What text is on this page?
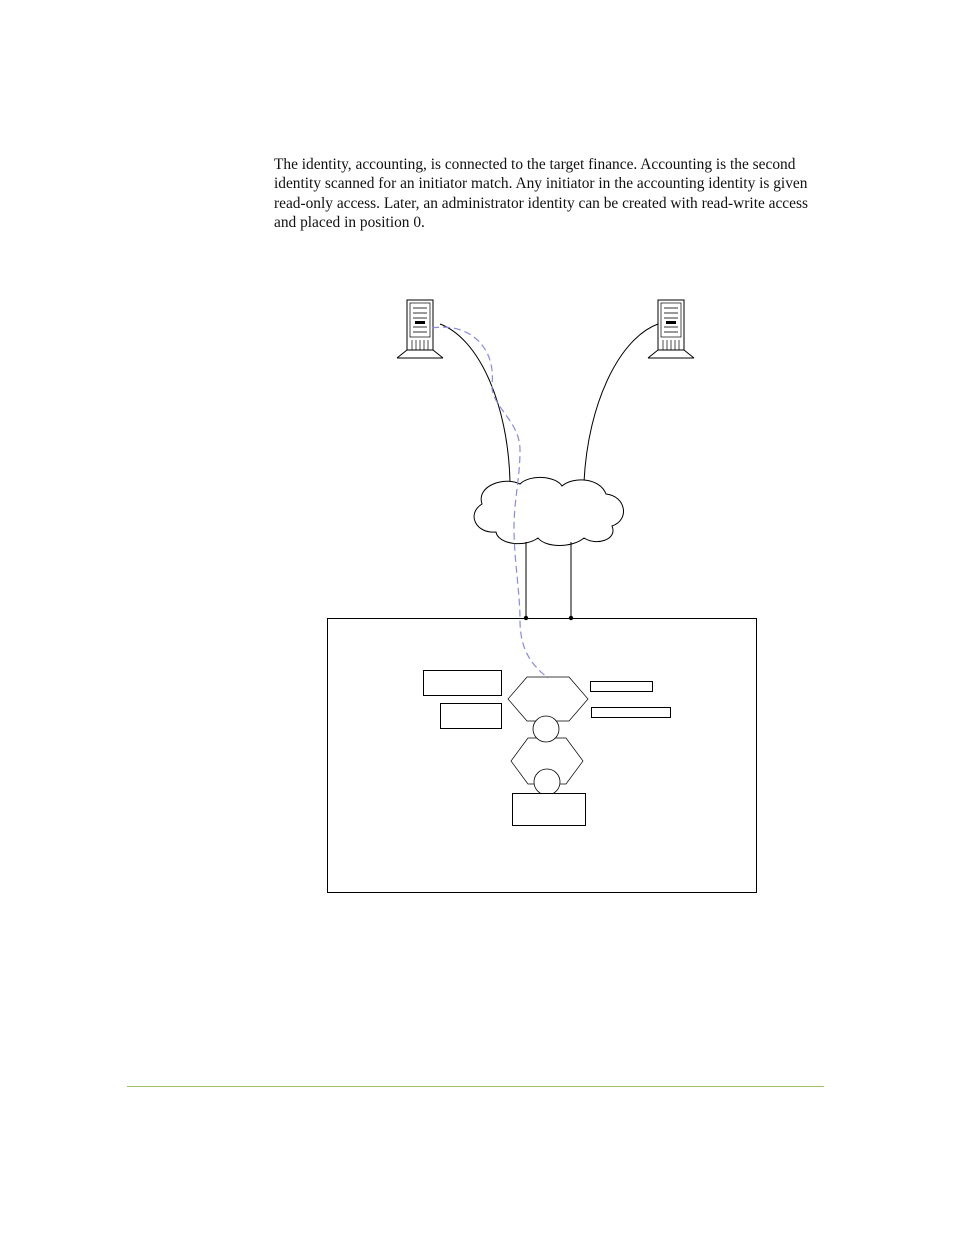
The identity, accounting, is connected to the target finance. Accounting is the second identity scanned for an initiator match. Any initiator in the accounting identity is given read-only access. Later, an administrator identity can be created with read-write access and placed in position 0.
